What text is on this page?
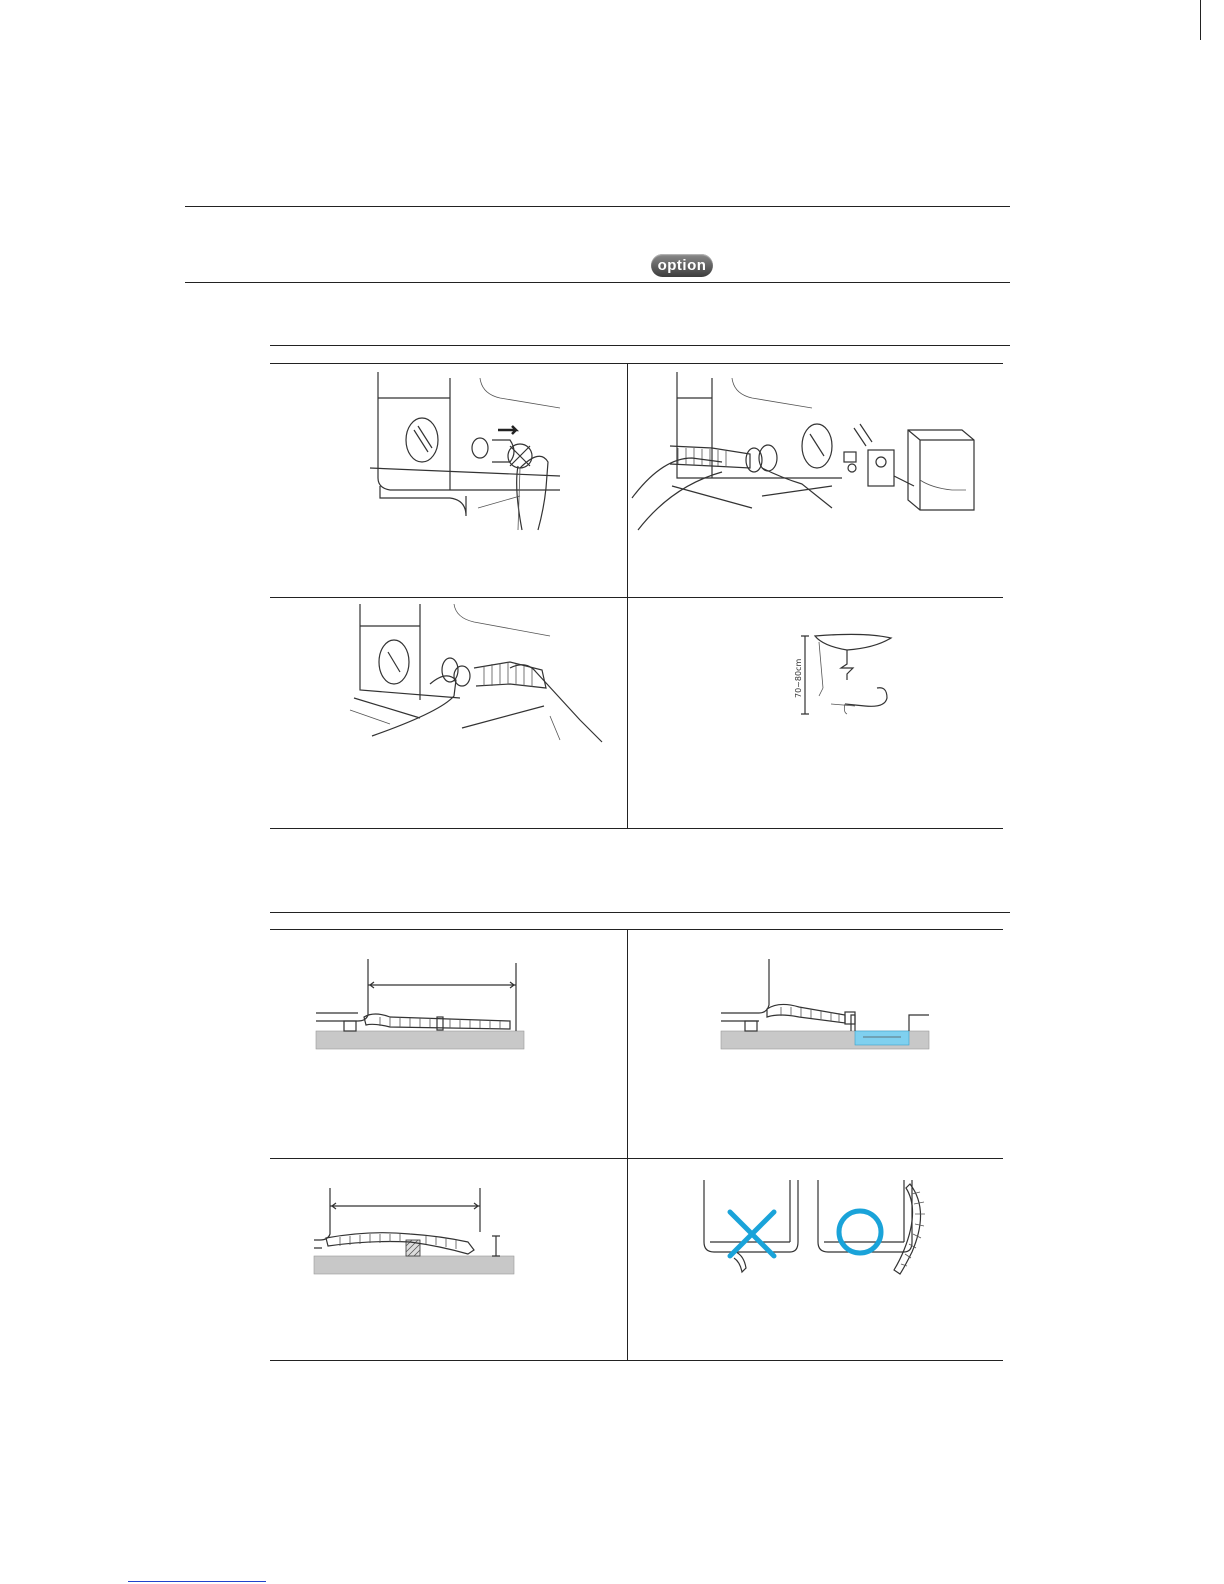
option
70~80cm
